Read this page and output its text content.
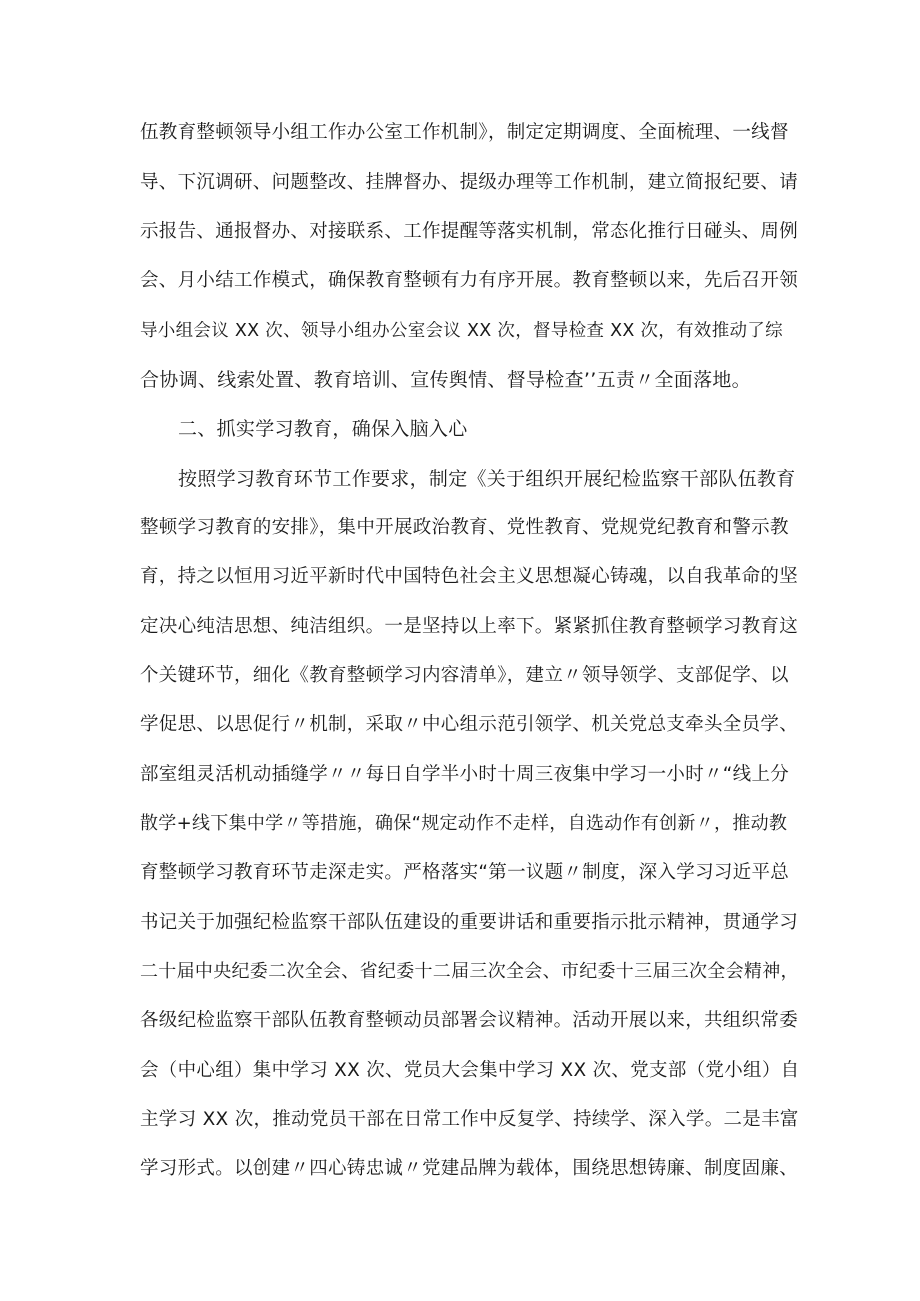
伍教育整顿领导小组工作办公室工作机制》，制定定期调度、全面梳理、一线督
导、下沉调研、问题整改、挂牌督办、提级办理等工作机制，建立简报纪要、请
示报告、通报督办、对接联系、工作提醒等落实机制，常态化推行日碰头、周例
会、月小结工作模式，确保教育整顿有力有序开展。教育整顿以来，先后召开领
导小组会议 XX 次、领导小组办公室会议 XX 次，督导检查 XX 次，有效推动了综
合协调、线索处置、教育培训、宣传舆情、督导检查’’五责〃全面落地。
二、抓实学习教育，确保入脑入心
按照学习教育环节工作要求，制定《关于组织开展纪检监察干部队伍教育
整顿学习教育的安排》，集中开展政治教育、党性教育、党规党纪教育和警示教
育，持之以恒用习近平新时代中国特色社会主义思想凝心铸魂，以自我革命的坚
定决心纯洁思想、纯洁组织。一是坚持以上率下。紧紧抓住教育整顿学习教育这
个关键环节，细化《教育整顿学习内容清单》，建立〃领导领学、支部促学、以
学促思、以思促行〃机制，采取〃中心组示范引领学、机关党总支牵头全员学、
部室组灵活机动插缝学〃〃每日自学半小时十周三夜集中学习一小时〃“线上分
散学+线下集中学〃等措施，确保“规定动作不走样，自选动作有创新〃，推动教
育整顿学习教育环节走深走实。严格落实“第一议题〃制度，深入学习习近平总
书记关于加强纪检监察干部队伍建设的重要讲话和重要指示批示精神，贯通学习
二十届中央纪委二次全会、省纪委十二届三次全会、市纪委十三届三次全会精神，
各级纪检监察干部队伍教育整顿动员部署会议精神。活动开展以来，共组织常委
会（中心组）集中学习 XX 次、党员大会集中学习 XX 次、党支部（党小组）自
主学习 XX 次，推动党员干部在日常工作中反复学、持续学、深入学。二是丰富
学习形式。以创建〃四心铸忠诚〃党建品牌为载体，围绕思想铸廉、制度固廉、
